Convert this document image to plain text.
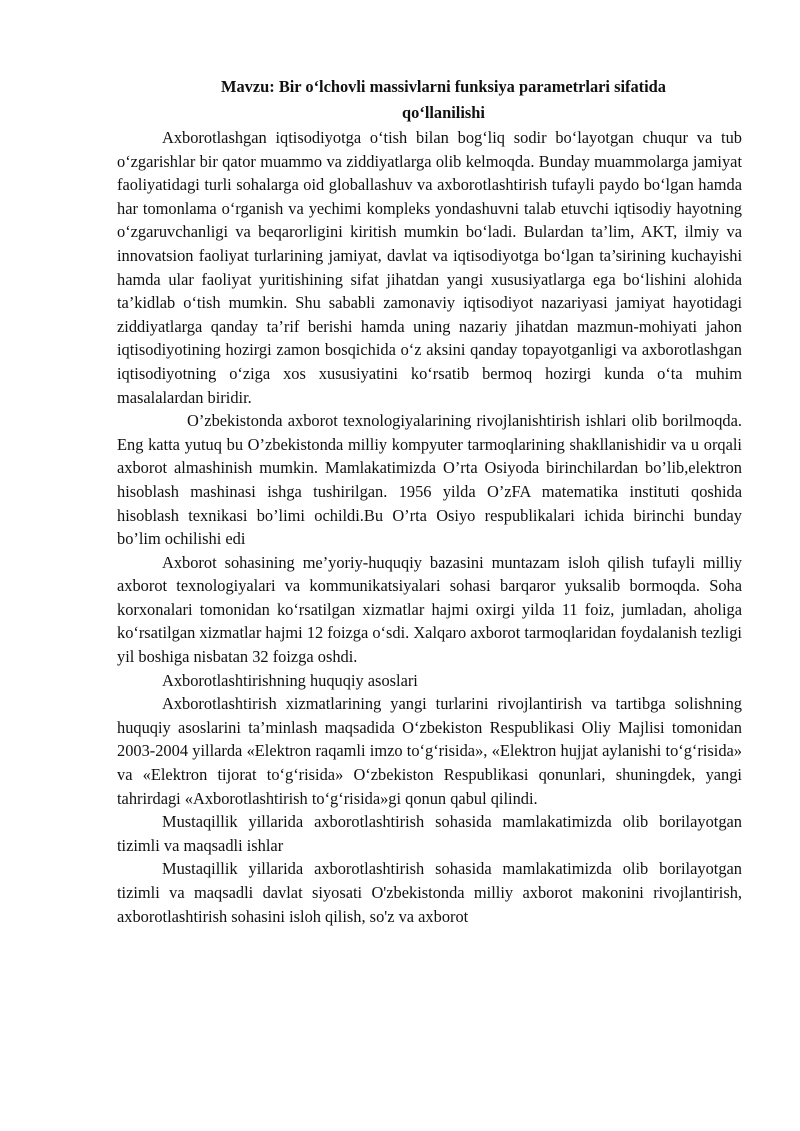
Mavzu: Bir o‘lchovli massivlarni funksiya parametrlari sifatida
qo‘llanilishi

Axborotlashgan iqtisodiyotga o‘tish bilan bog‘liq sodir bo‘layotgan chuqur va tub o‘zgarishlar bir qator muammo va ziddiyatlarga olib kelmoqda. Bunday muammolarga jamiyat faoliyatidagi turli sohalarga oid globallashuv va axborotlashtirish tufayli paydo bo‘lgan hamda har tomonlama o‘rganish va yechimi kompleks yondashuvni talab etuvchi iqtisodiy hayotning o‘zgaruvchanligi va beqarorligini kiritish mumkin bo‘ladi. Bulardan ta’lim, AKT, ilmiy va innovatsion faoliyat turlarining jamiyat, davlat va iqtisodiyotga bo‘lgan ta’sirining kuchayishi hamda ular faoliyat yuritishining sifat jihatdan yangi xususiyatlarga ega bo‘lishini alohida ta’kidlab o‘tish mumkin. Shu sababli zamonaviy iqtisodiyot nazariyasi jamiyat hayotidagi ziddiyatlarga qanday ta’rif berishi hamda uning nazariy jihatdan mazmun-mohiyati jahon iqtisodiyotining hozirgi zamon bosqichida o‘z aksini qanday topayotganligi va axborotlashgan iqtisodiyotning o‘ziga xos xususiyatini ko‘rsatib bermoq hozirgi kunda o‘ta muhim masalalardan biridir.

O’zbekistonda axborot texnologiyalarining rivojlanishtirish ishlari olib borilmoqda. Eng katta yutuq bu O’zbekistonda milliy kompyuter tarmoqlarining shakllanishidir va u orqali axborot almashinish mumkin. Mamlakatimizda O’rta Osiyoda birinchilardan bo’lib,elektron hisoblash mashinasi ishga tushirilgan. 1956 yilda O’zFA matematika instituti qoshida hisoblash texnikasi bo’limi ochildi.Bu O’rta Osiyo respublikalari ichida birinchi bunday bo’lim ochilishi edi

Axborot sohasining me’yoriy-huquqiy bazasini muntazam isloh qilish tufayli milliy axborot texnologiyalari va kommunikatsiyalari sohasi barqaror yuksalib bormoqda. Soha korxonalari tomonidan ko‘rsatilgan xizmatlar hajmi oxirgi yilda 11 foiz, jumladan, aholiga ko‘rsatilgan xizmatlar hajmi 12 foizga o‘sdi. Xalqaro axborot tarmoqlaridan foydalanish tezligi yil boshiga nisbatan 32 foizga oshdi.

Axborotlashtirishning huquqiy asoslari

Axborotlashtirish xizmatlarining yangi turlarini rivojlantirish va tartibga solishning huquqiy asoslarini ta’minlash maqsadida O‘zbekiston Respublikasi Oliy Majlisi tomonidan 2003-2004 yillarda «Elektron raqamli imzo to‘g‘risida», «Elektron hujjat aylanishi to‘g‘risida» va «Elektron tijorat to‘g‘risida» O‘zbekiston Respublikasi qonunlari, shuningdek, yangi tahrirdagi «Axborotlashtirish to‘g‘risida»gi qonun qabul qilindi.

Mustaqillik yillarida axborotlashtirish sohasida mamlakatimizda olib borilayotgan tizimli va maqsadli ishlar

Mustaqillik yillarida axborotlashtirish sohasida mamlakatimizda olib borilayotgan tizimli va maqsadli davlat siyosati O'zbekistonda milliy axborot makonini rivojlantirish, axborotlashtirish sohasini isloh qilish, so'z va axborot
